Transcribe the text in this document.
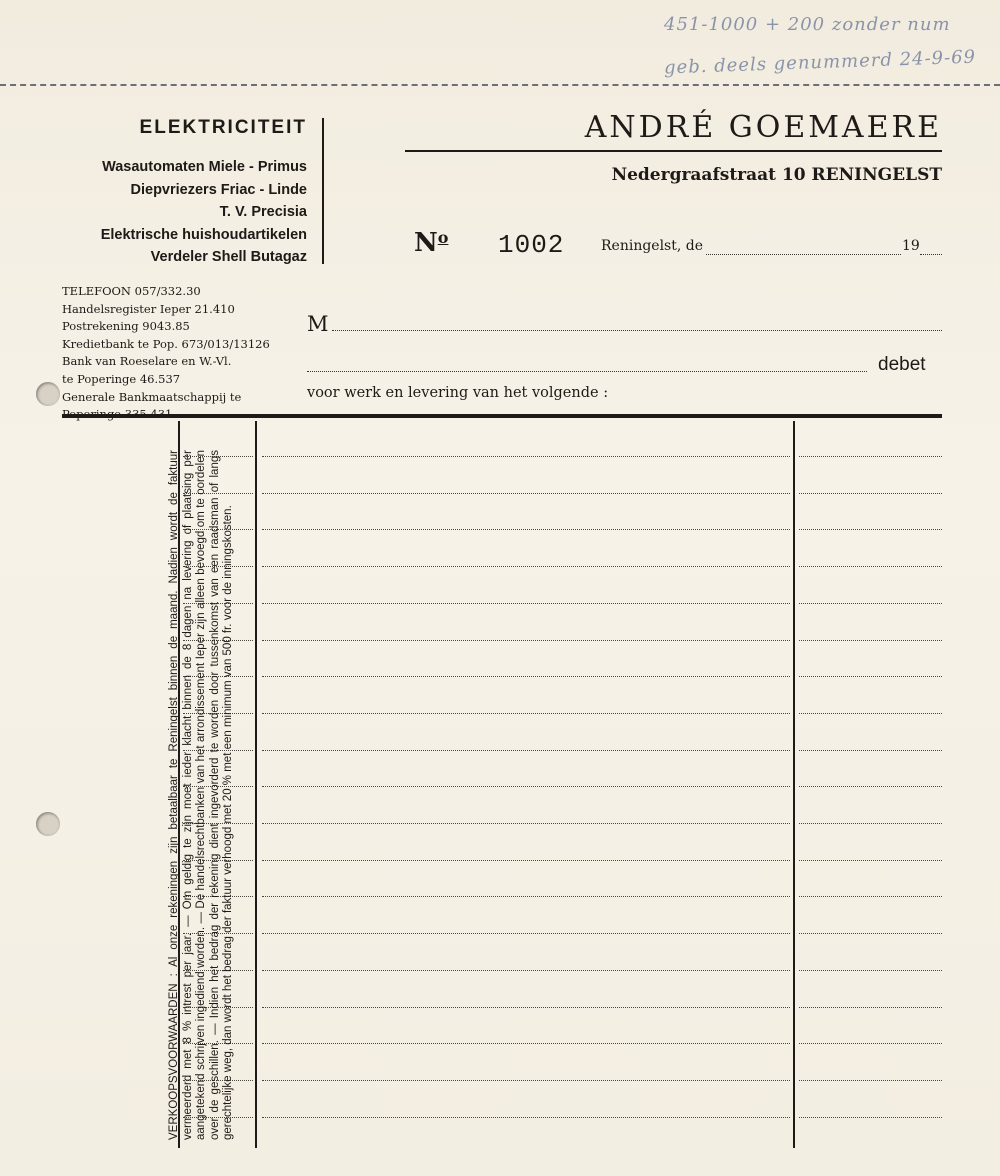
451-1000 + 200 zonder num
geb. deels genummerd 24-9-69
ELEKTRICITEIT
Wasautomaten Miele - Primus
Diepvriezers Friac - Linde
T. V. Precisia
Elektrische huishoudartikelen
Verdeler Shell Butagaz
ANDRÉ GOEMAERE
Nedergraafstraat 10 RENINGELST
$N^o$ 1002	Reningelst, de	19
TELEFOON 057/332.30
Handelsregister Ieper 21.410
Postrekening 9043.85
Kredietbank te Pop. 673/013/13126
Bank van Roeselare en W.-Vl.
te Poperinge 46.537
Generale Bankmaatschappij te
M
debet
voor werk en levering van het volgende :
VERKOOPSVOORWAARDEN : Al onze rekeningen zijn betaalbaar te Reningelst binnen de maand. Nadien wordt de faktuur vermeerderd met 8 % intrest per jaar. — Om geldig te zijn moet ieder klacht binnen de 8 dagen na levering of plaatsing per aangetekend schrijven ingediend worden. — De handelsrechtbanken van het arrondissement Ieper zijn alleen bevoegd om te oordelen over de geschillen. — Indien het bedrag der rekening dient ingevorderd te worden door tussenkomst van een raadsman of langs gerechtelijke weg, dan wordt het bedrag der faktuur verhoogd met 20 % met een minimum van 500 fr. voor de inningskosten.
